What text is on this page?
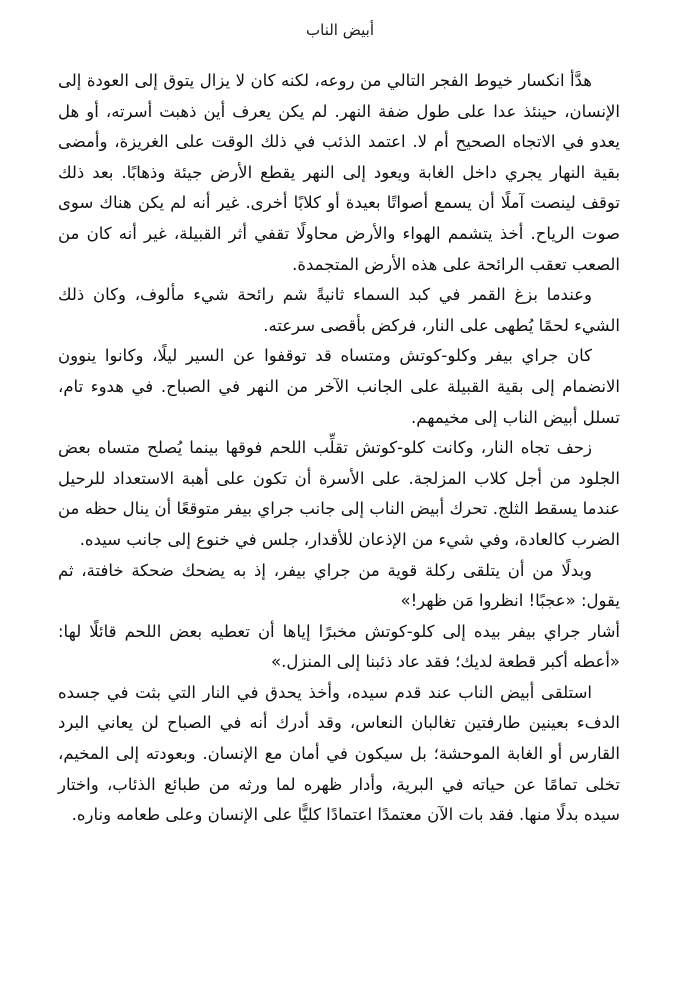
أبيض الناب

هدَّأ انكسار خيوط الفجر التالي من روعه، لكنه كان لا يزال يتوق إلى العودة إلى الإنسان، حينئذ عدا على طول ضفة النهر. لم يكن يعرف أين ذهبت أسرته، أو هل يعدو في الاتجاه الصحيح أم لا. اعتمد الذئب في ذلك الوقت على الغريزة، وأمضى بقية النهار يجري داخل الغابة ويعود إلى النهر يقطع الأرض جيئة وذهابًا. بعد ذلك توقف لينصت آملًا أن يسمع أصواتًا بعيدة أو كلابًا أخرى. غير أنه لم يكن هناك سوى صوت الرياح. أخذ يتشمم الهواء والأرض محاولًا تقفي أثر القبيلة، غير أنه كان من الصعب تعقب الرائحة على هذه الأرض المتجمدة.

وعندما بزغ القمر في كبد السماء ثانيةً شم رائحة شيء مألوف، وكان ذلك الشيء لحمًا يُطهى على النار، فركض بأقصى سرعته.

كان جراي بيفر وكلو-كوتش ومتساه قد توقفوا عن السير ليلًا، وكانوا ينوون الانضمام إلى بقية القبيلة على الجانب الآخر من النهر في الصباح. في هدوء تام، تسلل أبيض الناب إلى مخيمهم.

زحف تجاه النار، وكانت كلو-كوتش تقلِّب اللحم فوقها بينما يُصلح متساه بعض الجلود من أجل كلاب المزلجة. على الأسرة أن تكون على أهبة الاستعداد للرحيل عندما يسقط الثلج. تحرك أبيض الناب إلى جانب جراي بيفر متوقعًا أن ينال حظه من الضرب كالعادة، وفي شيء من الإذعان للأقدار، جلس في خنوع إلى جانب سيده.

وبدلًا من أن يتلقى ركلة قوية من جراي بيفر، إذ به يضحك ضحكة خافتة، ثم يقول: «عجبًا! انظروا مَن ظهر!»

أشار جراي بيفر بيده إلى كلو-كوتش مخبرًا إياها أن تعطيه بعض اللحم قائلًا لها: «أعطه أكبر قطعة لديك؛ فقد عاد ذئبنا إلى المنزل.»

استلقى أبيض الناب عند قدم سيده، وأخذ يحدق في النار التي بثت في جسده الدفء بعينين طارفتين تغالبان النعاس، وقد أدرك أنه في الصباح لن يعاني البرد القارس أو الغابة الموحشة؛ بل سيكون في أمان مع الإنسان. وبعودته إلى المخيم، تخلى تمامًا عن حياته في البرية، وأدار ظهره لما ورثه من طبائع الذئاب، واختار سيده بدلًا منها. فقد بات الآن معتمدًا اعتمادًا كليًّا على الإنسان وعلى طعامه وناره.
